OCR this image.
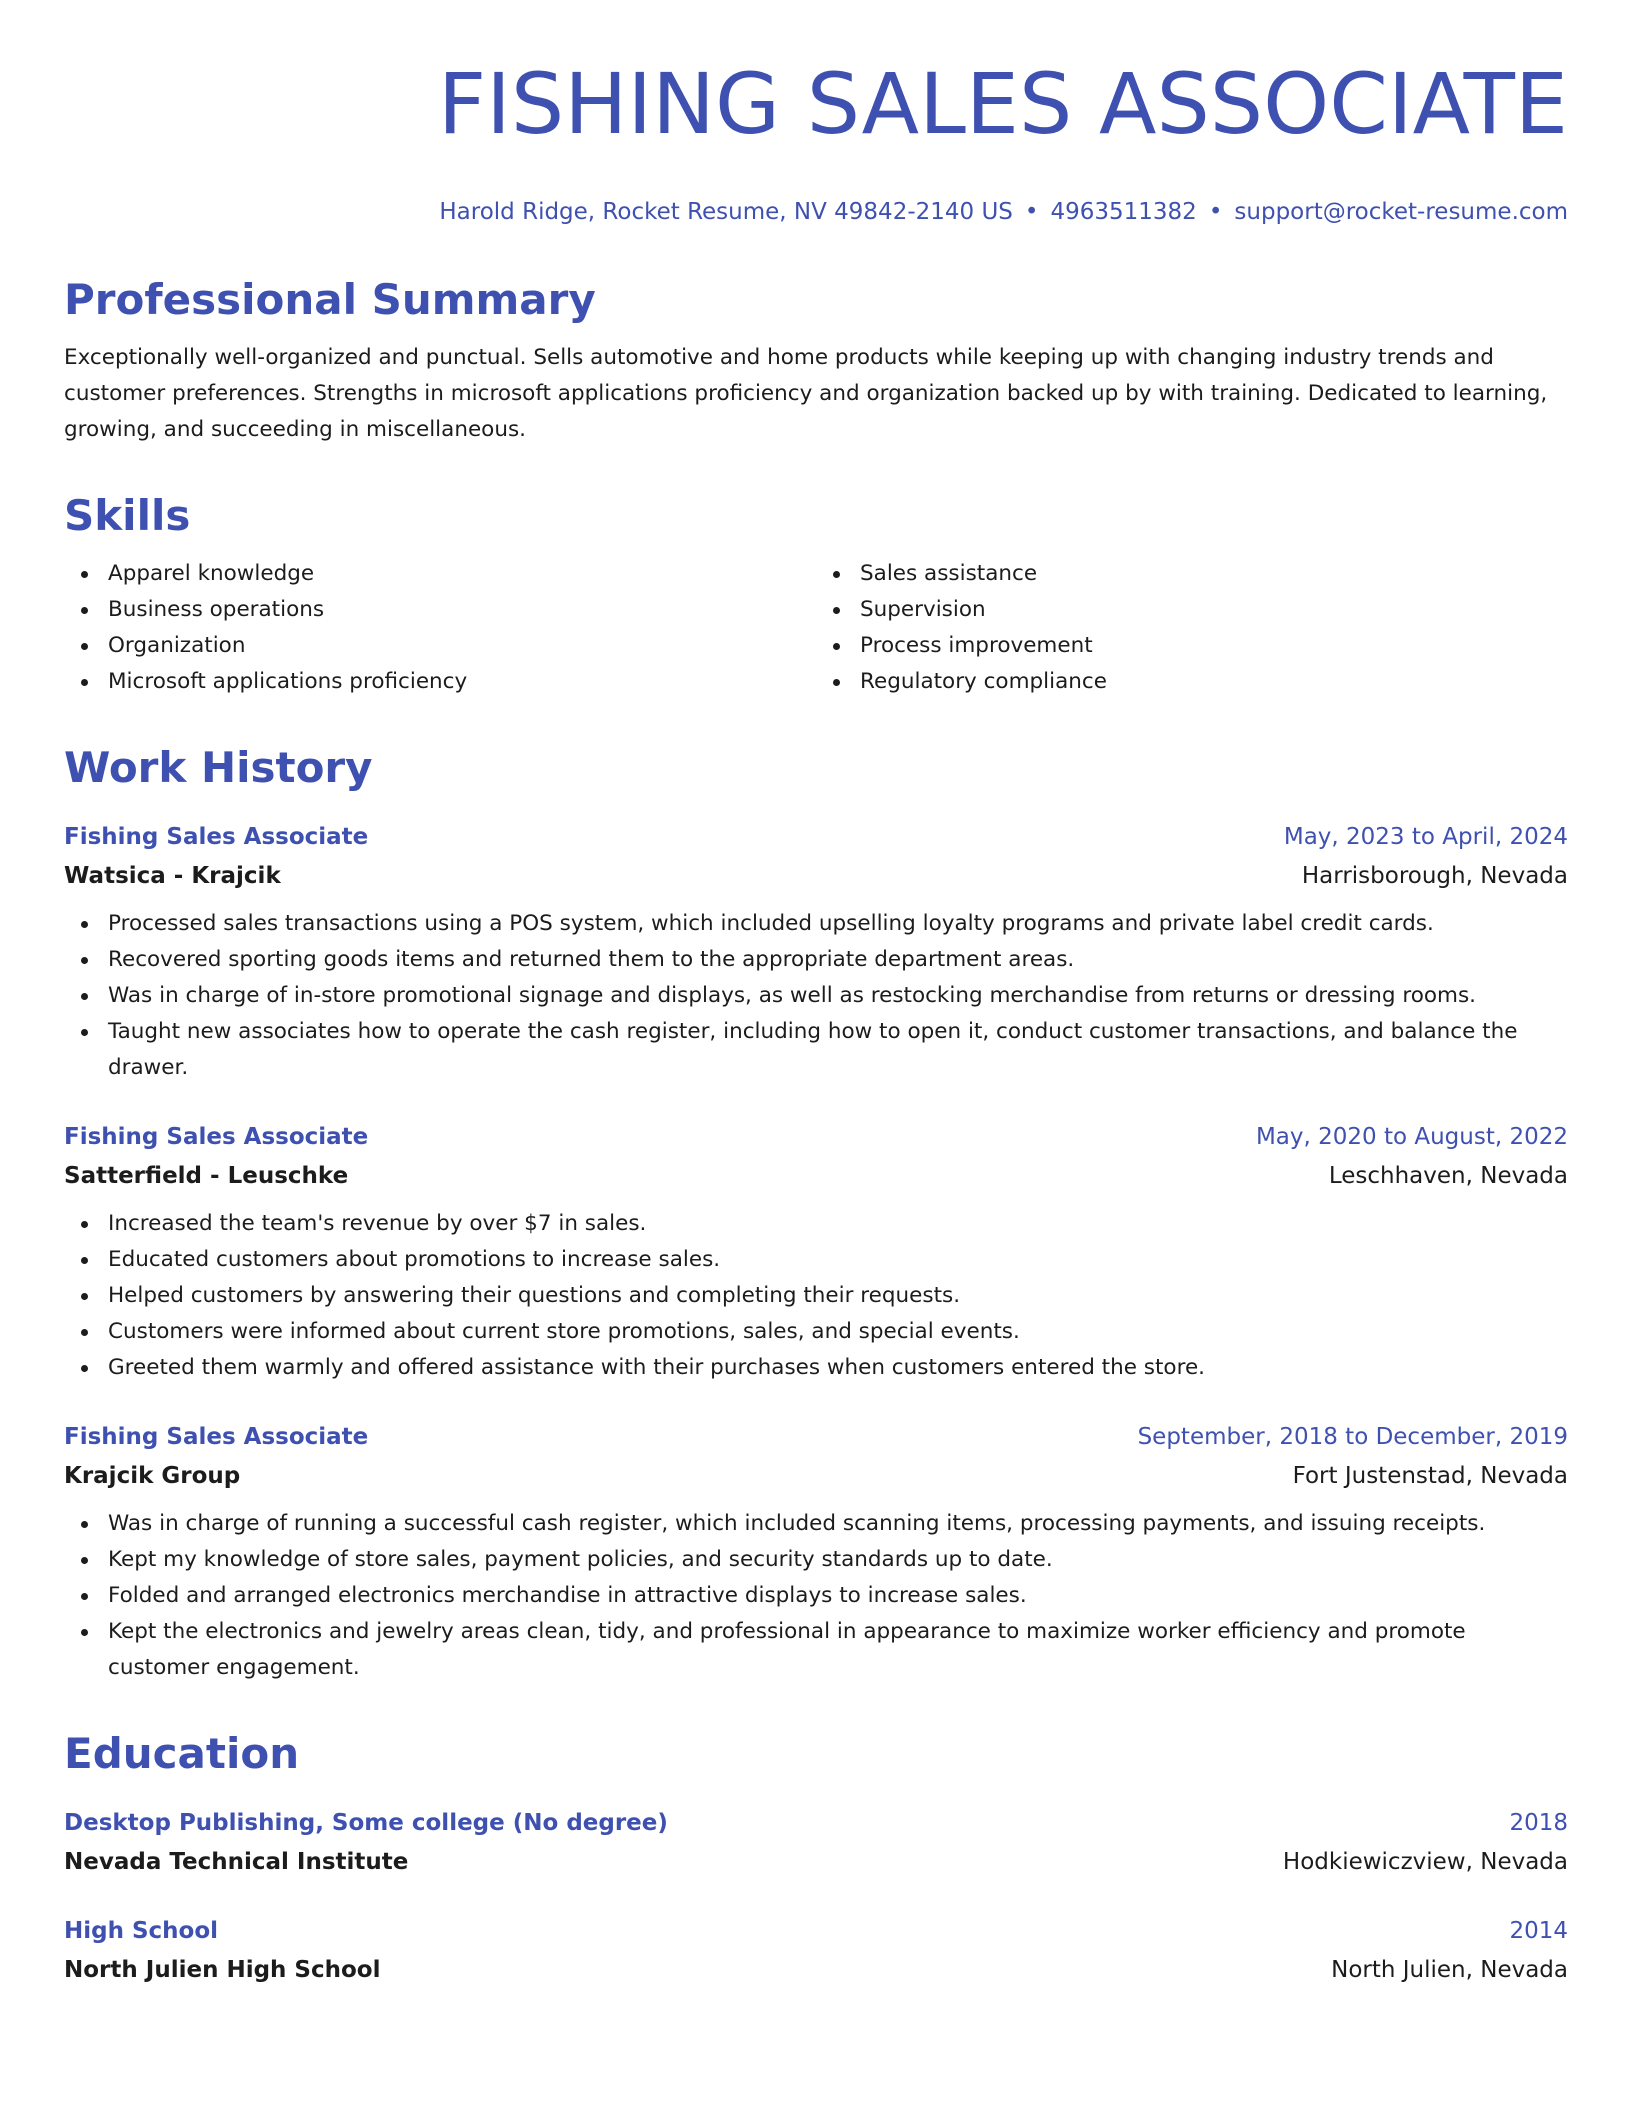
FISHING SALES ASSOCIATE
Harold Ridge, Rocket Resume, NV 49842-2140 US • 4963511382 • support@rocket-resume.com
Professional Summary

Exceptionally well-organized and punctual. Sells automotive and home products while keeping up with changing industry trends and customer preferences. Strengths in microsoft applications proficiency and organization backed up by with training. Dedicated to learning, growing, and succeeding in miscellaneous.

Skills
Apparel knowledge
Business operations
Organization
Microsoft applications proficiency
Sales assistance
Supervision
Process improvement
Regulatory compliance
Work History
Fishing Sales Associate	May, 2023 to April, 2024
Watsica - Krajcik	Harrisborough, Nevada
Processed sales transactions using a POS system, which included upselling loyalty programs and private label credit cards.
Recovered sporting goods items and returned them to the appropriate department areas.
Was in charge of in-store promotional signage and displays, as well as restocking merchandise from returns or dressing rooms.
Taught new associates how to operate the cash register, including how to open it, conduct customer transactions, and balance the drawer.
Fishing Sales Associate	May, 2020 to August, 2022
Satterfield - Leuschke	Leschhaven, Nevada
Increased the team's revenue by over $7 in sales.
Educated customers about promotions to increase sales.
Helped customers by answering their questions and completing their requests.
Customers were informed about current store promotions, sales, and special events.
Greeted them warmly and offered assistance with their purchases when customers entered the store.
Fishing Sales Associate	September, 2018 to December, 2019
Krajcik Group	Fort Justenstad, Nevada
Was in charge of running a successful cash register, which included scanning items, processing payments, and issuing receipts.
Kept my knowledge of store sales, payment policies, and security standards up to date.
Folded and arranged electronics merchandise in attractive displays to increase sales.
Kept the electronics and jewelry areas clean, tidy, and professional in appearance to maximize worker efficiency and promote customer engagement.
Education
Desktop Publishing, Some college (No degree)	2018
Nevada Technical Institute	Hodkiewiczview, Nevada
High School	2014
North Julien High School	North Julien, Nevada
